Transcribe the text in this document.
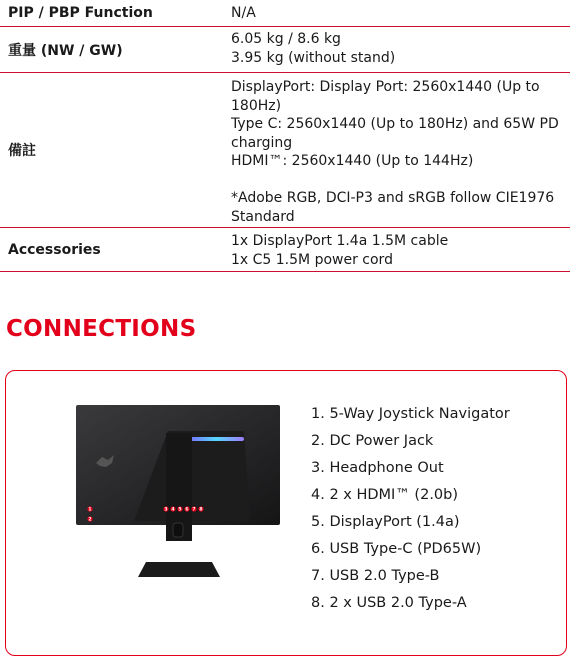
PIP / PBP Function	N/A
重量 (NW / GW)
6.05 kg / 8.6 kg
3.95 kg (without stand)
備註
DisplayPort: Display Port: 2560x1440 (Up to
180Hz)
Type C: 2560x1440 (Up to 180Hz) and 65W PD
charging
HDMI™: 2560x1440 (Up to 144Hz)
*Adobe RGB, DCI-P3 and sRGB follow CIE1976
Standard
Accessories
1x DisplayPort 1.4a 1.5M cable
1x C5 1.5M power cord
CONNECTIONS
1
2
3 4 5 6 7 8
1. 5-Way Joystick Navigator
2. DC Power Jack
3. Headphone Out
4. 2 x HDMI™ (2.0b)
5. DisplayPort (1.4a)
6. USB Type-C (PD65W)
7. USB 2.0 Type-B
8. 2 x USB 2.0 Type-A
